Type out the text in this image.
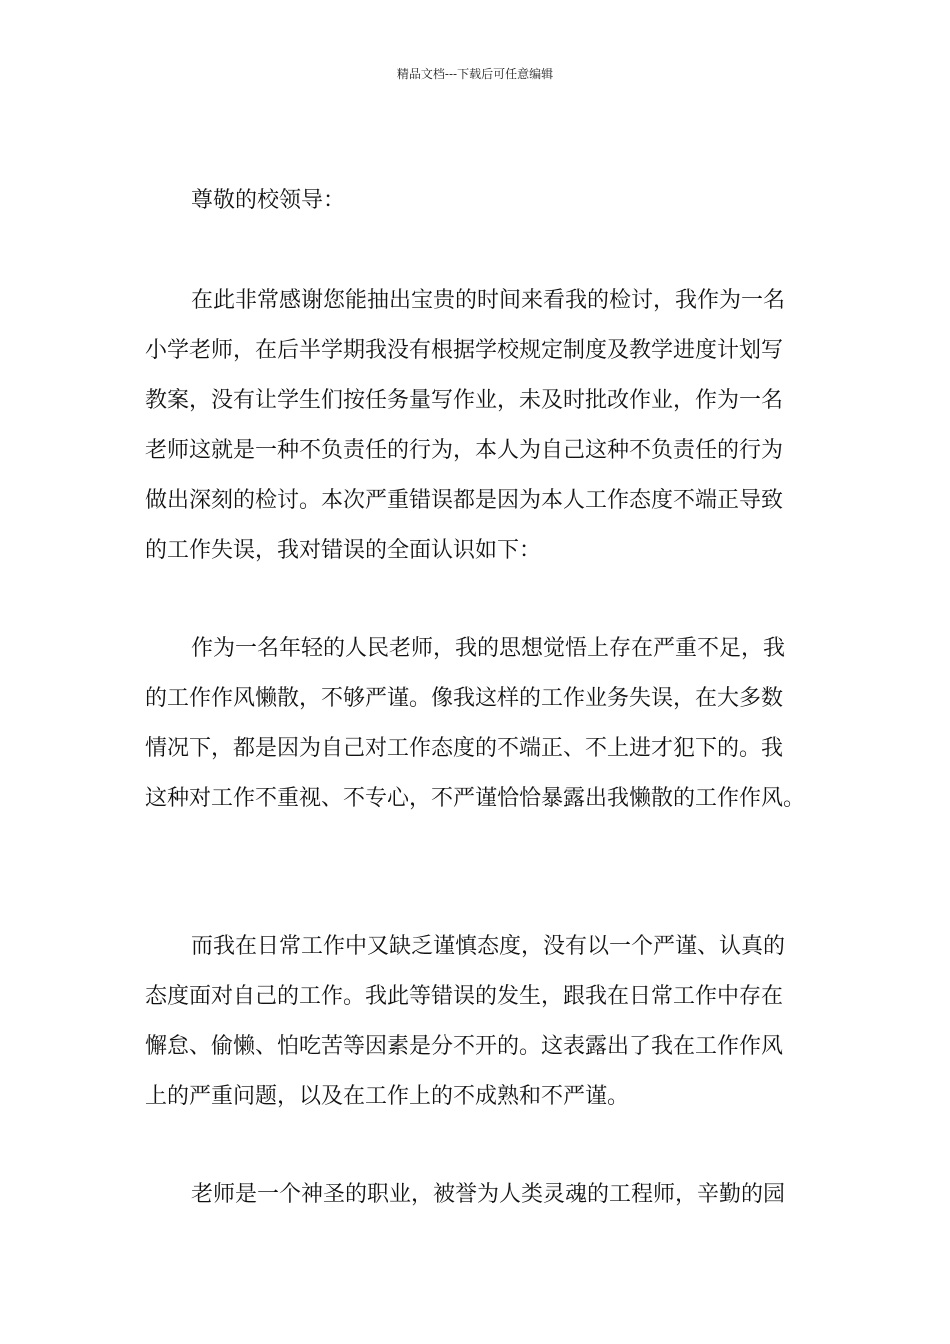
精品文档---下载后可任意编辑
尊敬的校领导：
在此非常感谢您能抽出宝贵的时间来看我的检讨，我作为一名
小学老师，在后半学期我没有根据学校规定制度及教学进度计划写
教案，没有让学生们按任务量写作业，未及时批改作业，作为一名
老师这就是一种不负责任的行为，本人为自己这种不负责任的行为
做出深刻的检讨。本次严重错误都是因为本人工作态度不端正导致
的工作失误，我对错误的全面认识如下：
作为一名年轻的人民老师，我的思想觉悟上存在严重不足，我
的工作作风懒散，不够严谨。像我这样的工作业务失误，在大多数
情况下，都是因为自己对工作态度的不端正、不上进才犯下的。我
这种对工作不重视、不专心，不严谨恰恰暴露出我懒散的工作作风。
而我在日常工作中又缺乏谨慎态度，没有以一个严谨、认真的
态度面对自己的工作。我此等错误的发生，跟我在日常工作中存在
懈怠、偷懒、怕吃苦等因素是分不开的。这表露出了我在工作作风
上的严重问题，以及在工作上的不成熟和不严谨。
老师是一个神圣的职业，被誉为人类灵魂的工程师，辛勤的园
